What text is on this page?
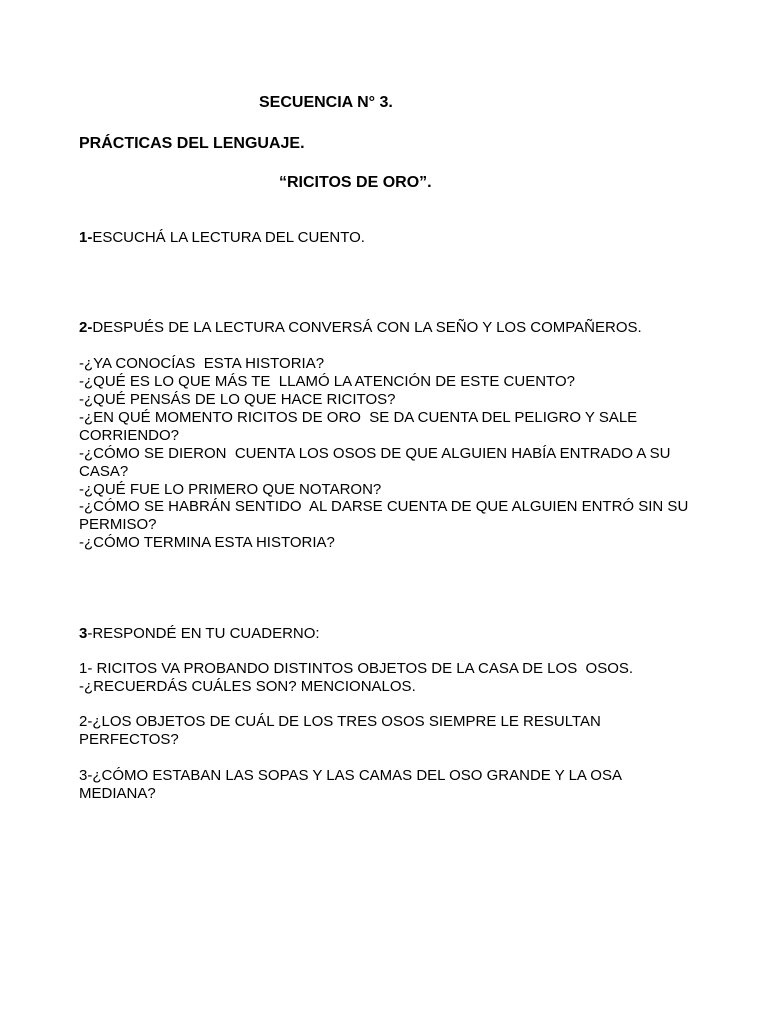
SECUENCIA N° 3.

PRÁCTICAS DEL LENGUAJE.

“RICITOS DE ORO”.

1-ESCUCHÁ LA LECTURA DEL CUENTO.

2-DESPUÉS DE LA LECTURA CONVERSÁ CON LA SEÑO Y LOS COMPAÑEROS.

-¿YA CONOCÍAS  ESTA HISTORIA?

-¿QUÉ ES LO QUE MÁS TE  LLAMÓ LA ATENCIÓN DE ESTE CUENTO?

-¿QUÉ PENSÁS DE LO QUE HACE RICITOS?

-¿EN QUÉ MOMENTO RICITOS DE ORO  SE DA CUENTA DEL PELIGRO Y SALE

CORRIENDO?

-¿CÓMO SE DIERON  CUENTA LOS OSOS DE QUE ALGUIEN HABÍA ENTRADO A SU

CASA?

-¿QUÉ FUE LO PRIMERO QUE NOTARON?

-¿CÓMO SE HABRÁN SENTIDO  AL DARSE CUENTA DE QUE ALGUIEN ENTRÓ SIN SU

PERMISO?

-¿CÓMO TERMINA ESTA HISTORIA?

3-RESPONDÉ EN TU CUADERNO:

1- RICITOS VA PROBANDO DISTINTOS OBJETOS DE LA CASA DE LOS  OSOS.

-¿RECUERDÁS CUÁLES SON? MENCIONALOS.

2-¿LOS OBJETOS DE CUÁL DE LOS TRES OSOS SIEMPRE LE RESULTAN

PERFECTOS?

3-¿CÓMO ESTABAN LAS SOPAS Y LAS CAMAS DEL OSO GRANDE Y LA OSA

MEDIANA?
